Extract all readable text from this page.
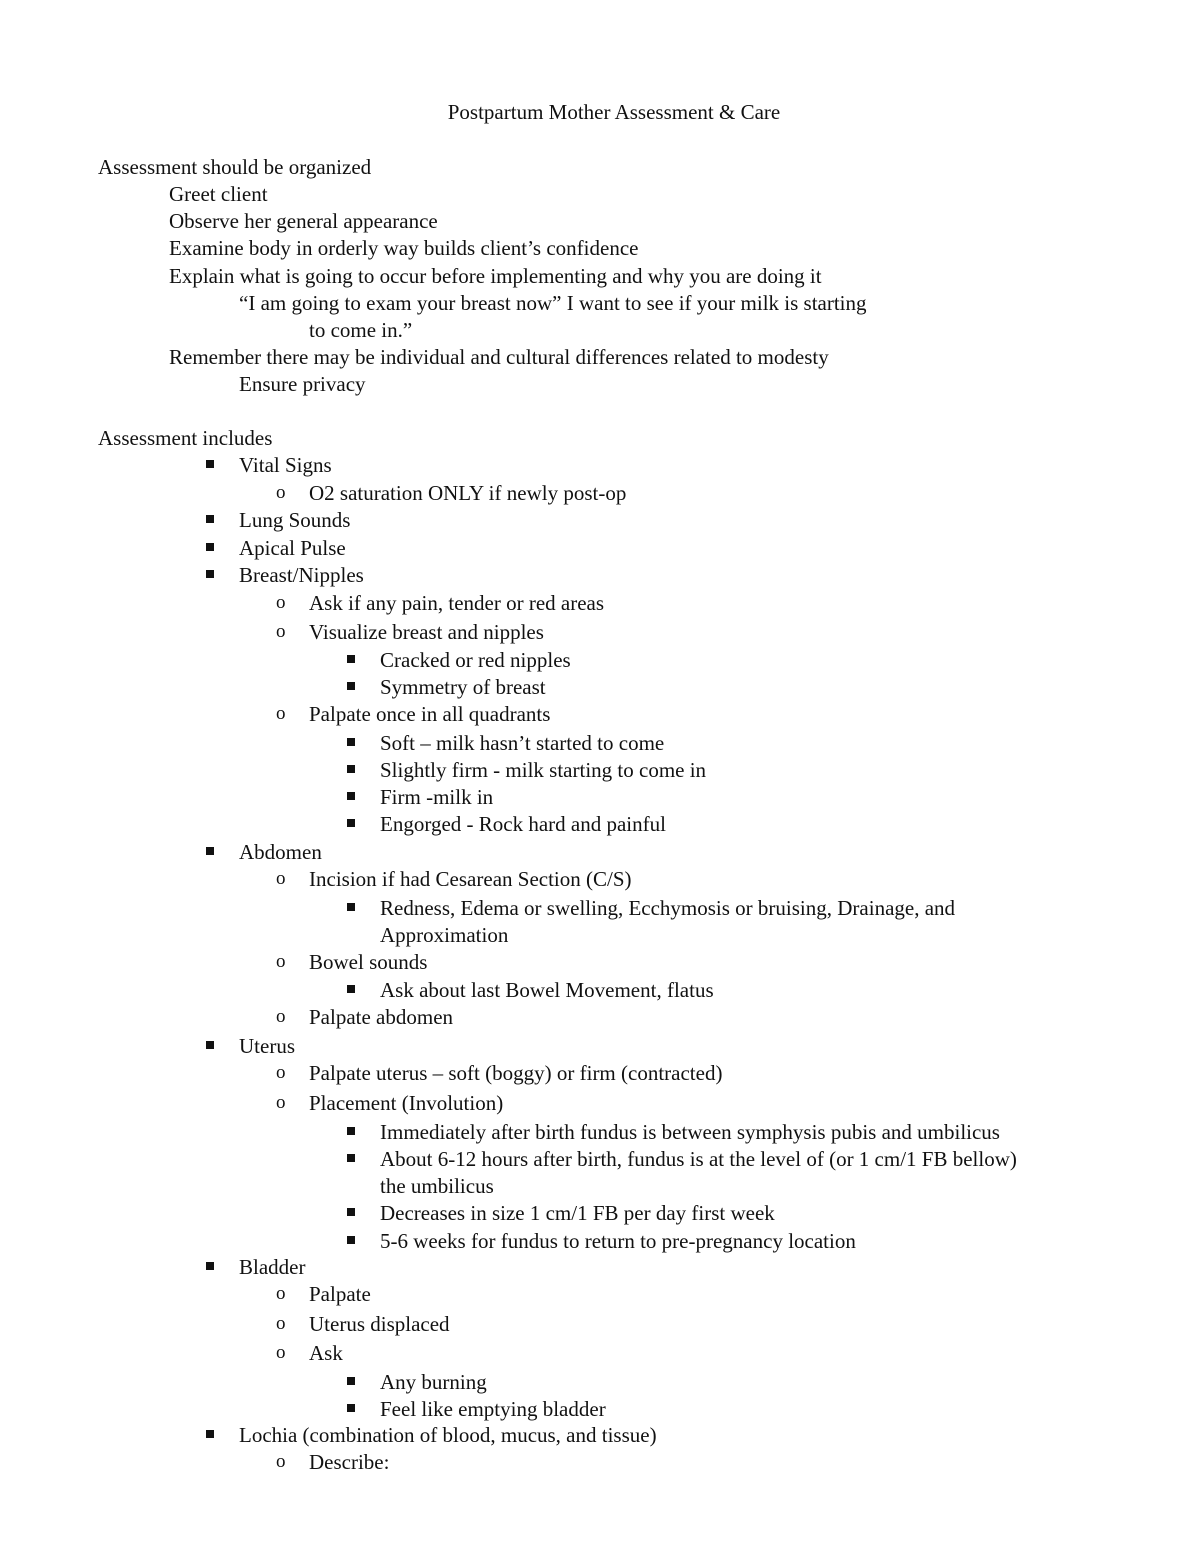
Postpartum Mother Assessment & Care
Assessment should be organized
Greet client
Observe her general appearance
Examine body in orderly way builds client’s confidence
Explain what is going to occur before implementing and why you are doing it
“I am going to exam your breast now” I want to see if your milk is starting
to come in.”
Remember there may be individual and cultural differences related to modesty
Ensure privacy
Assessment includes
Vital Signs
o O2 saturation ONLY if newly post-op
Lung Sounds
Apical Pulse
Breast/Nipples
o Ask if any pain, tender or red areas
o Visualize breast and nipples
Cracked or red nipples
Symmetry of breast
o Palpate once in all quadrants
Soft – milk hasn’t started to come
Slightly firm - milk starting to come in
Firm -milk in
Engorged - Rock hard and painful
Abdomen
o Incision if had Cesarean Section (C/S)
Redness, Edema or swelling, Ecchymosis or bruising, Drainage, and
Approximation
o Bowel sounds
Ask about last Bowel Movement, flatus
o Palpate abdomen
Uterus
o Palpate uterus – soft (boggy) or firm (contracted)
o Placement (Involution)
Immediately after birth fundus is between symphysis pubis and umbilicus
About 6-12 hours after birth, fundus is at the level of (or 1 cm/1 FB bellow)
the umbilicus
Decreases in size 1 cm/1 FB per day first week
5-6 weeks for fundus to return to pre-pregnancy location
Bladder
o Palpate
o Uterus displaced
o Ask
Any burning
Feel like emptying bladder
Lochia (combination of blood, mucus, and tissue)
o Describe:
